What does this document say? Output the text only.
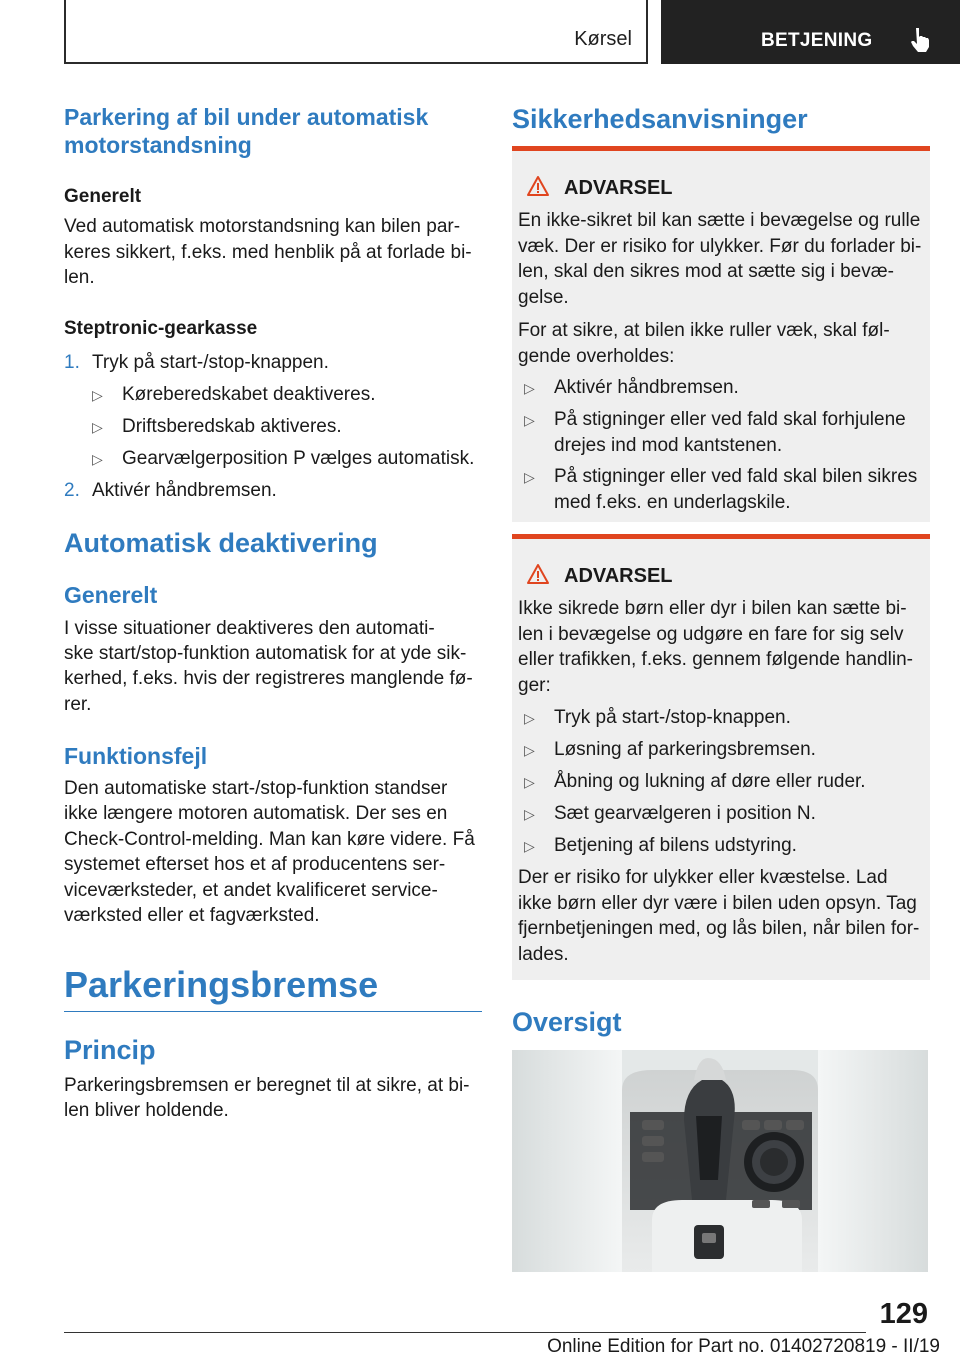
Kørsel	BETJENING
Parkering af bil under automatisk motorstandsning
Generelt
Ved automatisk motorstandsning kan bilen par-
keres sikkert, f.eks. med henblik på at forlade bi-
len.
Steptronic-gearkasse
1. Tryk på start-/stop-knappen.
▷ Køreberedskabet deaktiveres.
▷ Driftsberedskab aktiveres.
▷ Gearvælgerposition P vælges automatisk.
2. Aktivér håndbremsen.
Automatisk deaktivering
Generelt
I visse situationer deaktiveres den automati-
ske start/stop-funktion automatisk for at yde sik-
kerhed, f.eks. hvis der registreres manglende fø-
rer.
Funktionsfejl
Den automatiske start-/stop-funktion standser
ikke længere motoren automatisk. Der ses en
Check-Control-melding. Man kan køre videre. Få
systemet efterset hos et af producentens ser-
viceværksteder, et andet kvalificeret service-
værksted eller et fagværksted.
Parkeringsbremse
Princip
Parkeringsbremsen er beregnet til at sikre, at bi-
len bliver holdende.
Sikkerhedsanvisninger
ADVARSEL

En ikke-sikret bil kan sætte i bevægelse og rulle

væk. Der er risiko for ulykker. Før du forlader bi-

len, skal den sikres mod at sætte sig i bevæ-

gelse.

For at sikre, at bilen ikke ruller væk, skal føl-

gende overholdes:

▷ Aktivér håndbremsen.
▷ På stigninger eller ved fald skal forhjulene drejes ind mod kantstenen.
▷ På stigninger eller ved fald skal bilen sikres med f.eks. en underlagskile.
ADVARSEL

Ikke sikrede børn eller dyr i bilen kan sætte bi-

len i bevægelse og udgøre en fare for sig selv

eller trafikken, f.eks. gennem følgende handlin-

ger:

▷ Tryk på start-/stop-knappen.
▷ Løsning af parkeringsbremsen.
▷ Åbning og lukning af døre eller ruder.
▷ Sæt gearvælgeren i position N.
▷ Betjening af bilens udstyring.

Der er risiko for ulykker eller kvæstelse. Lad

ikke børn eller dyr være i bilen uden opsyn. Tag

fjernbetjeningen med, og lås bilen, når bilen for-

lades.

Oversigt
129
Online Edition for Part no. 01402720819 - II/19
